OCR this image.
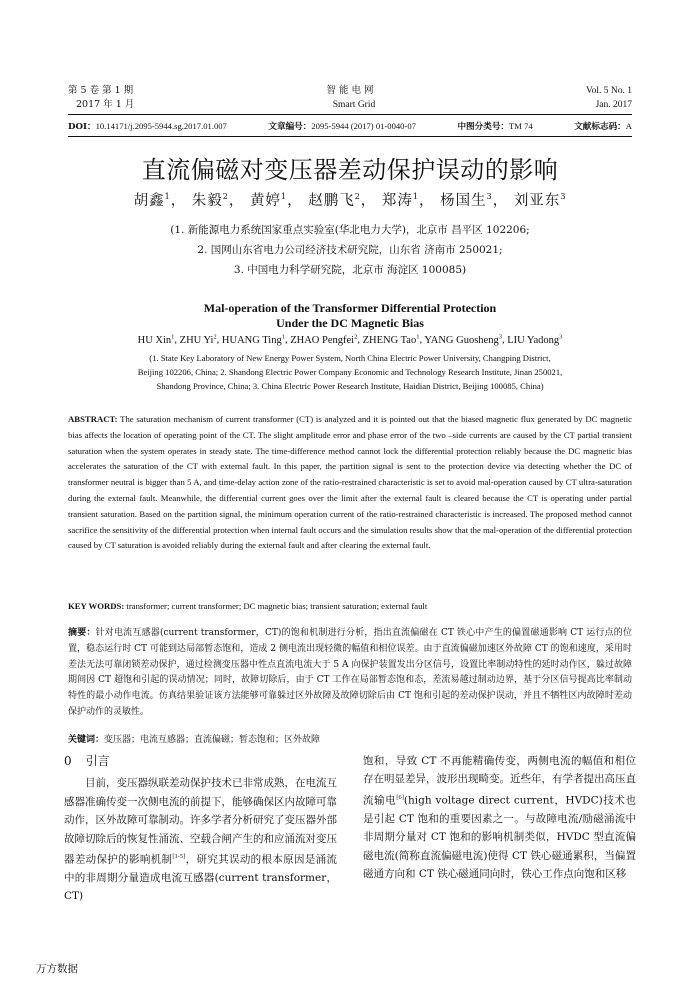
第 5 卷 第 1 期	智 能 电 网	Vol. 5 No. 1
2017 年 1 月	Smart Grid	Jan. 2017
DOI：10.14171/j.2095-5944.sg.2017.01.007	文章编号：2095-5944 (2017) 01-0040-07	中图分类号：TM 74	文献标志码：A
直流偏磁对变压器差动保护误动的影响
胡鑫$^1$， 朱毅$^2$， 黄婷$^1$， 赵鹏飞$^2$， 郑涛$^1$， 杨国生$^3$， 刘亚东$^3$
(1. 新能源电力系统国家重点实验室(华北电力大学)，北京市 昌平区 102206;
2. 国网山东省电力公司经济技术研究院，山东省 济南市 250021;
3. 中国电力科学研究院，北京市 海淀区 100085)
Mal-operation of the Transformer Differential Protection
Under the DC Magnetic Bias
HU Xin$^1$, ZHU Yi$^2$, HUANG Ting$^1$, ZHAO Pengfei$^2$, ZHENG Tao$^1$, YANG Guosheng$^3$, LIU Yadong$^3$
(1. State Key Laboratory of New Energy Power System, North China Electric Power University, Changping District,
Beijing 102206, China; 2. Shandong Electric Power Company Economic and Technology Research Institute, Jinan 250021,
Shandong Province, China; 3. China Electric Power Research Institute, Haidian District, Beijing 100085, China)
ABSTRACT: The saturation mechanism of current transformer (CT) is analyzed and it is pointed out that the biased magnetic flux generated by DC magnetic bias affects the location of operating point of the CT. The slight amplitude error and phase error of the two –side currents are caused by the CT partial transient saturation when the system operates in steady state. The time-difference method cannot lock the differential protection reliably because the DC magnetic bias accelerates the saturation of the CT with external fault. In this paper, the partition signal is sent to the protection device via detecting whether the DC of transformer neutral is bigger than 5 A, and time-delay action zone of the ratio-restrained characteristic is set to avoid mal-operation caused by CT ultra-saturation during the external fault. Meanwhile, the differential current goes over the limit after the external fault is cleared because the CT is operating under partial transient saturation. Based on the partition signal, the minimum operation current of the ratio-restrained characteristic is increased. The proposed method cannot sacrifice the sensitivity of the differential protection when internal fault occurs and the simulation results show that the mal-operation of the differential protection caused by CT saturation is avoided reliably during the external fault and after clearing the external fault.
KEY WORDS: transformer; current transformer; DC magnetic bias; transient saturation; external fault
摘要：针对电流互感器(current transformer，CT)的饱和机制进行分析，指出直流偏磁在 CT 铁心中产生的偏置磁通影响 CT 运行点的位置，稳态运行时 CT 可能到达局部暂态饱和，造成 2 侧电流出现轻微的幅值和相位误差。由于直流偏磁加速区外故障 CT 的饱和速度，采用时差法无法可靠闭锁差动保护，通过检测变压器中性点直流电流大于 5 A 向保护装置发出分区信号，设置比率制动特性的延时动作区，躲过故障期间因 CT 超饱和引起的误动情况；同时，故障切除后，由于 CT 工作在局部暂态饱和态，差流易越过制动边界，基于分区信号提高比率制动特性的最小动作电流。仿真结果验证该方法能够可靠躲过区外故障及故障切除后由 CT 饱和引起的差动保护误动，并且不牺牲区内故障时差动保护动作的灵敏性。
关键词：变压器；电流互感器；直流偏磁；暂态饱和；区外故障
0 引言

目前，变压器纵联差动保护技术已非常成熟，在电流互感器准确传变一次侧电流的前提下，能够确保区内故障可靠动作，区外故障可靠制动。许多学者分析研究了变压器外部故障切除后的恢复性涌流、空载合闸产生的和应涌流对变压器差动保护的影响机制[1-5]，研究其误动的根本原因是涌流中的非周期分量造成电流互感器(current transformer，CT)

饱和，导致 CT 不再能精确传变，两侧电流的幅值和相位存在明显差异，波形出现畸变。近些年，有学者提出高压直流输电[6](high voltage direct current，HVDC)技术也是引起 CT 饱和的重要因素之一。与故障电流/励磁涌流中非周期分量对 CT 饱和的影响机制类似，HVDC 型直流偏磁电流(简称直流偏磁电流)使得 CT 铁心磁通累积，当偏置磁通方向和 CT 铁心磁通同向时，铁心工作点向饱和区移

万方数据
